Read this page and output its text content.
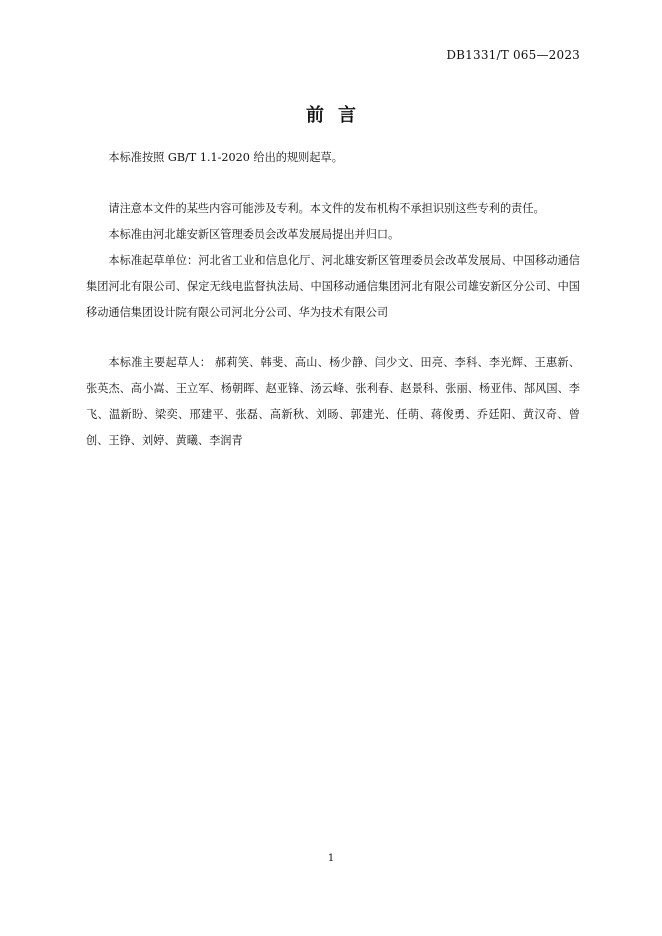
DB1331/T 065—2023
前言

本标准按照 GB/T 1.1-2020 给出的规则起草。

请注意本文件的某些内容可能涉及专利。本文件的发布机构不承担识别这些专利的责任。

本标准由河北雄安新区管理委员会改革发展局提出并归口。

本标准起草单位：河北省工业和信息化厅、河北雄安新区管理委员会改革发展局、中国移动通信集团河北有限公司、保定无线电监督执法局、中国移动通信集团河北有限公司雄安新区分公司、中国移动通信集团设计院有限公司河北分公司、华为技术有限公司

本标准主要起草人： 郝莉笑、韩斐、高山、杨少静、闫少文、田亮、李科、李光辉、王惠新、张英杰、高小嵩、王立军、杨朝晖、赵亚锋、汤云峰、张利春、赵景科、张丽、杨亚伟、郜风国、李飞、温新盼、梁奕、邢建平、张磊、高新秋、刘旸、郭建光、任萌、蒋俊勇、乔廷阳、黄汉奇、曾创、王铮、刘婷、黄曦、李润青

1
